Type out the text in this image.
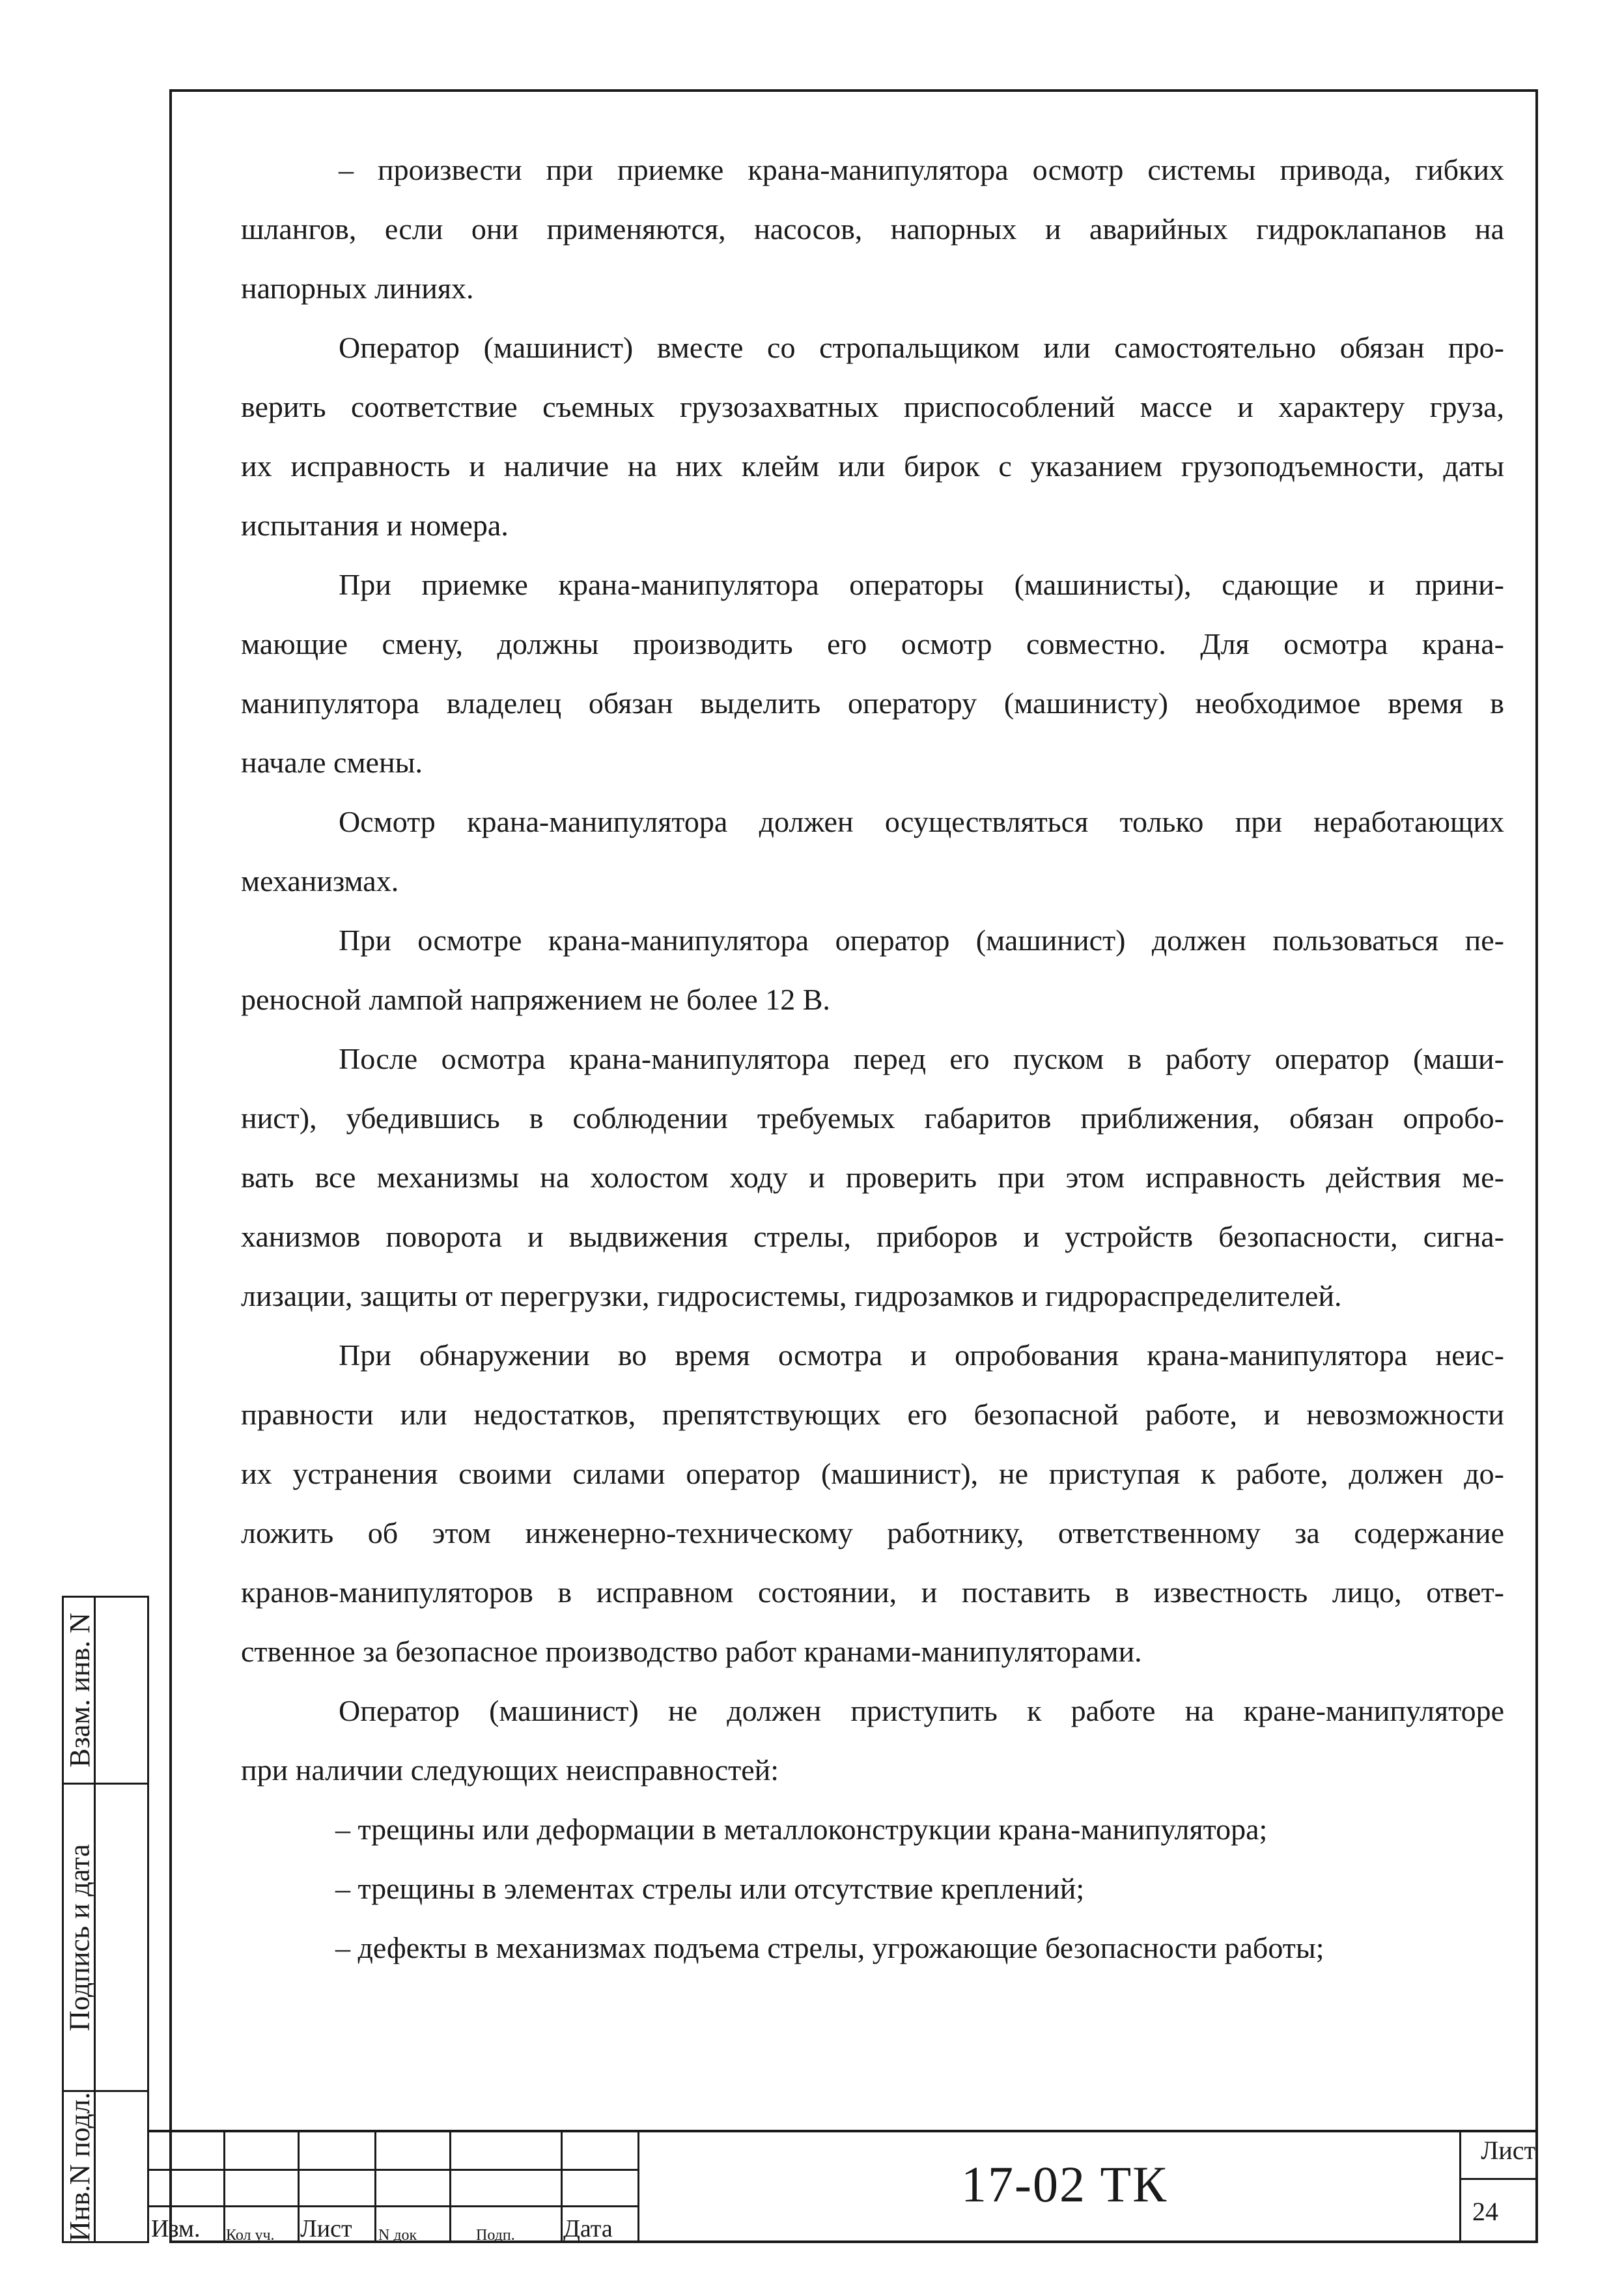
– произвести при приемке крана-манипулятора осмотр системы привода, гибких
шлангов, если они применяются, насосов, напорных и аварийных гидроклапанов на
напорных линиях.
Оператор (машинист) вместе со стропальщиком или самостоятельно обязан про-
верить соответствие съемных грузозахватных приспособлений массе и характеру груза,
их исправность и наличие на них клейм или бирок с указанием грузоподъемности, даты
испытания и номера.
При приемке крана-манипулятора операторы (машинисты), сдающие и прини-
мающие смену, должны производить его осмотр совместно. Для осмотра крана-
манипулятора владелец обязан выделить оператору (машинисту) необходимое время в
начале смены.
Осмотр крана-манипулятора должен осуществляться только при неработающих
механизмах.
При осмотре крана-манипулятора оператор (машинист) должен пользоваться пе-
реносной лампой напряжением не более 12 В.
После осмотра крана-манипулятора перед его пуском в работу оператор (маши-
нист), убедившись в соблюдении требуемых габаритов приближения, обязан опробо-
вать все механизмы на холостом ходу и проверить при этом исправность действия ме-
ханизмов поворота и выдвижения стрелы, приборов и устройств безопасности, сигна-
лизации, защиты от перегрузки, гидросистемы, гидрозамков и гидрораспределителей.
При обнаружении во время осмотра и опробования крана-манипулятора неис-
правности или недостатков, препятствующих его безопасной работе, и невозможности
их устранения своими силами оператор (машинист), не приступая к работе, должен до-
ложить об этом инженерно-техническому работнику, ответственному за содержание
кранов-манипуляторов в исправном состоянии, и поставить в известность лицо, ответ-
ственное за безопасное производство работ кранами-манипуляторами.
Оператор (машинист) не должен приступить к работе на кране-манипуляторе
при наличии следующих неисправностей:
– трещины или деформации в металлоконструкции крана-манипулятора;
– трещины в элементах стрелы или отсутствие креплений;
– дефекты в механизмах подъема стрелы, угрожающие безопасности работы;
Взам. инв. N
Подпись и дата
Инв.N подл. Изм. Кол уч. Лист N док	Подп. Дата
17-02 ТК
Лист
24
